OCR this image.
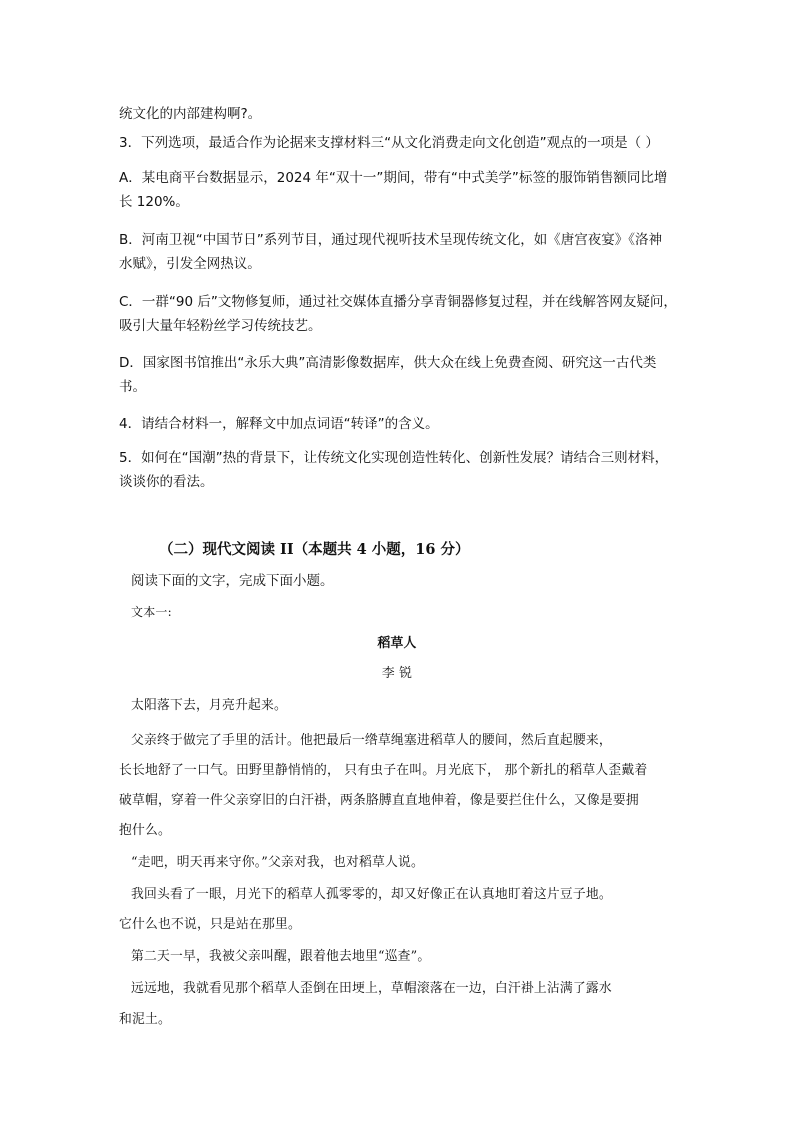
统文化的内部建构啊?。
3．下列选项，最适合作为论据来支撑材料三“从文化消费走向文化创造”观点的一项是（ ）
A．某电商平台数据显示，2024 年“双十一”期间，带有“中式美学”标签的服饰销售额同比增
长 120%。
B．河南卫视“中国节日”系列节目，通过现代视听技术呈现传统文化，如《唐宫夜宴》《洛神
水赋》，引发全网热议。
C．一群“90 后”文物修复师，通过社交媒体直播分享青铜器修复过程，并在线解答网友疑问，
吸引大量年轻粉丝学习传统技艺。
D．国家图书馆推出“永乐大典”高清影像数据库，供大众在线上免费查阅、研究这一古代类
书。
4．请结合材料一，解释文中加点词语“转译”的含义。
5．如何在“国潮”热的背景下，让传统文化实现创造性转化、创新性发展？请结合三则材料，
谈谈你的看法。
（二）现代文阅读 II（本题共 4 小题，16 分）
阅读下面的文字，完成下面小题。
文本一:
稻草人
李 锐
太阳落下去，月亮升起来。
父亲终于做完了手里的活计。他把最后一绺草绳塞进稻草人的腰间，然后直起腰来，
长长地舒了一口气。田野里静悄悄的， 只有虫子在叫。月光底下， 那个新扎的稻草人歪戴着
破草帽，穿着一件父亲穿旧的白汗褂，两条胳膊直直地伸着，像是要拦住什么，又像是要拥
抱什么。
“走吧，明天再来守你。”父亲对我，也对稻草人说。
我回头看了一眼，月光下的稻草人孤零零的，却又好像正在认真地盯着这片豆子地。
它什么也不说，只是站在那里。
第二天一早，我被父亲叫醒，跟着他去地里“巡查”。
远远地，我就看见那个稻草人歪倒在田埂上，草帽滚落在一边，白汗褂上沾满了露水
和泥土。
